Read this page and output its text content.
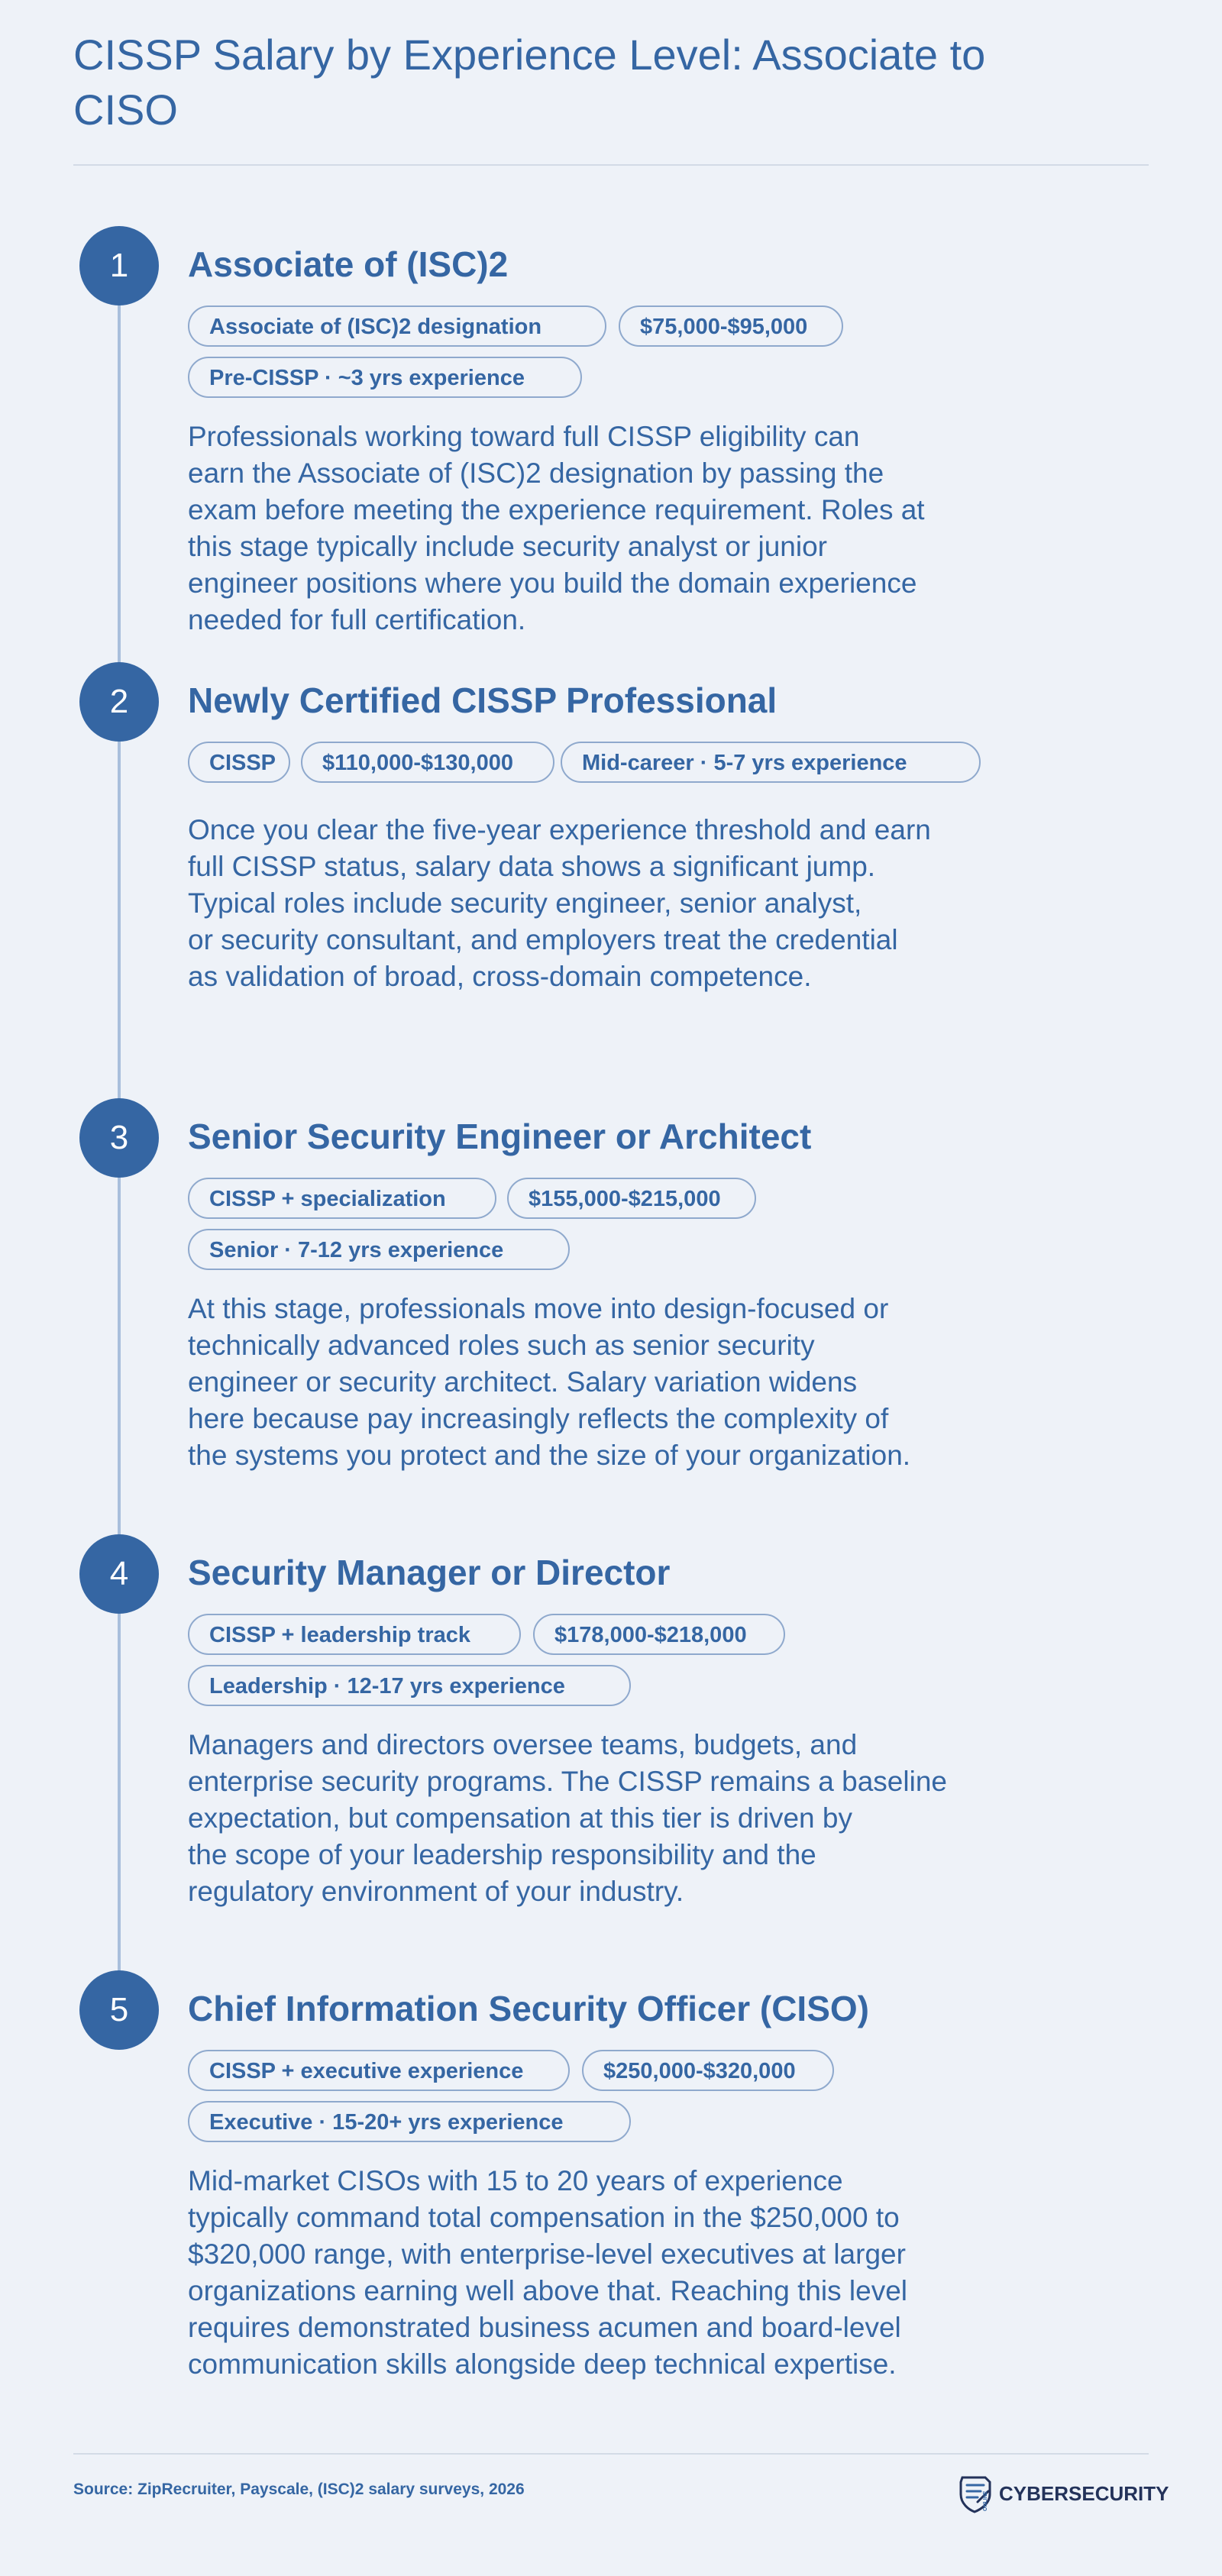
CISSP Salary by Experience Level: Associate to CISO
1	Associate of (ISC)2
Associate of (ISC)2 designation	$75,000-$95,000
Pre-CISSP · ~3 yrs experience

Professionals working toward full CISSP eligibility can
earn the Associate of (ISC)2 designation by passing the
exam before meeting the experience requirement. Roles at
this stage typically include security analyst or junior
engineer positions where you build the domain experience
needed for full certification.

2	Newly Certified CISSP Professional
CISSP	$110,000-$130,000	Mid-career · 5-7 yrs experience

Once you clear the five-year experience threshold and earn
full CISSP status, salary data shows a significant jump.
Typical roles include security engineer, senior analyst,
or security consultant, and employers treat the credential
as validation of broad, cross-domain competence.

3	Senior Security Engineer or Architect
CISSP + specialization	$155,000-$215,000
Senior · 7-12 yrs experience

At this stage, professionals move into design-focused or
technically advanced roles such as senior security
engineer or security architect. Salary variation widens
here because pay increasingly reflects the complexity of
the systems you protect and the size of your organization.

4	Security Manager or Director
CISSP + leadership track	$178,000-$218,000
Leadership · 12-17 yrs experience

Managers and directors oversee teams, budgets, and
enterprise security programs. The CISSP remains a baseline
expectation, but compensation at this tier is driven by
the scope of your leadership responsibility and the
regulatory environment of your industry.

5	Chief Information Security Officer (CISO)
CISSP + executive experience	$250,000-$320,000
Executive · 15-20+ yrs experience

Mid-market CISOs with 15 to 20 years of experience
typically command total compensation in the $250,000 to
$320,000 range, with enterprise-level executives at larger
organizations earning well above that. Reaching this level
requires demonstrated business acumen and board-level
communication skills alongside deep technical expertise.

Source: ZipRecruiter, Payscale, (ISC)2 salary surveys, 2026
ONLINE CYBERSECURITY
